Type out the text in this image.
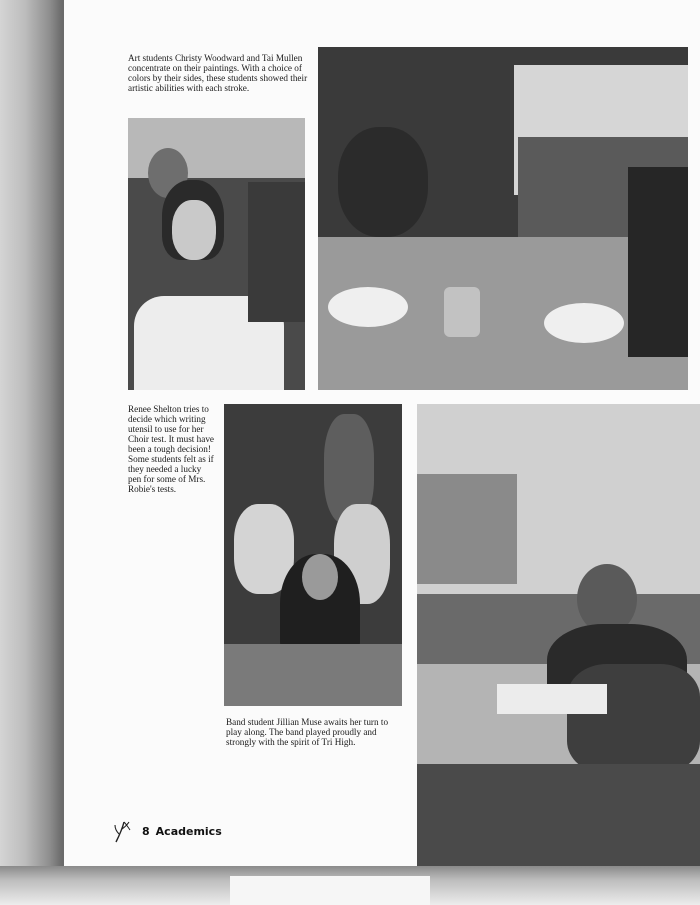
Art students Christy Woodward and Tai Mullen concentrate on their paintings. With a choice of colors by their sides, these students showed their artistic abilities with each stroke.

Renee Shelton tries to decide which writing utensil to use for her Choir test. It must have been a tough decision! Some students felt as if they needed a lucky pen for some of Mrs. Robie's tests.

Band student Jillian Muse awaits her turn to play along. The band played proudly and strongly with the spirit of Tri High.

8 Academics
